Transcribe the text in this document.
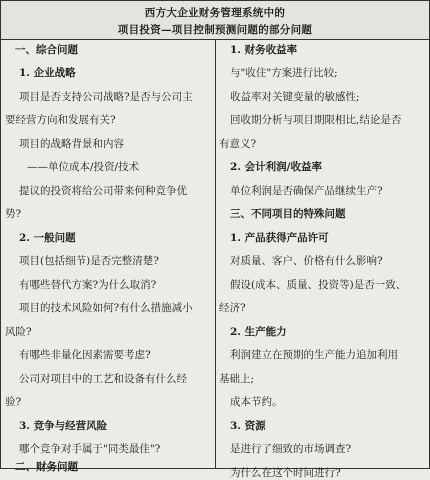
西方大企业财务管理系统中的
项目投资—项目控制预测问题的部分问题
一、综合问题
1. 企业战略
项目是否支持公司战略?是否与公司主
要经营方向和发展有关?
项目的战略背景和内容
——单位成本/投资/技术
提议的投资将给公司带来何种竞争优
势?
2. 一般问题
项目(包括细节)是否完整清楚?
有哪些替代方案?为什么取消?
项目的技术风险如何?有什么措施减小
风险?
有哪些非量化因素需要考虑?
公司对项目中的工艺和设备有什么经
验?
3. 竞争与经营风险
哪个竞争对手属于"同类最佳"?
二、财务问题
1. 财务收益率
与"收住"方案进行比较;
收益率对关键变量的敏感性;
回收期分析与项目期限相比,结论是否
有意义?
2. 会计利润/收益率
单位利润是否确保产品继续生产?
三、不同项目的特殊问题
1. 产品获得产品许可
对质量、客户、价格有什么影响?
假设(成本、质量、投资等)是否一致、
经济?
2. 生产能力
利润建立在预期的生产能力追加利用
基础上;
成本节约。
3. 资源
是进行了细致的市场调查?
为什么在这个时间进行?
